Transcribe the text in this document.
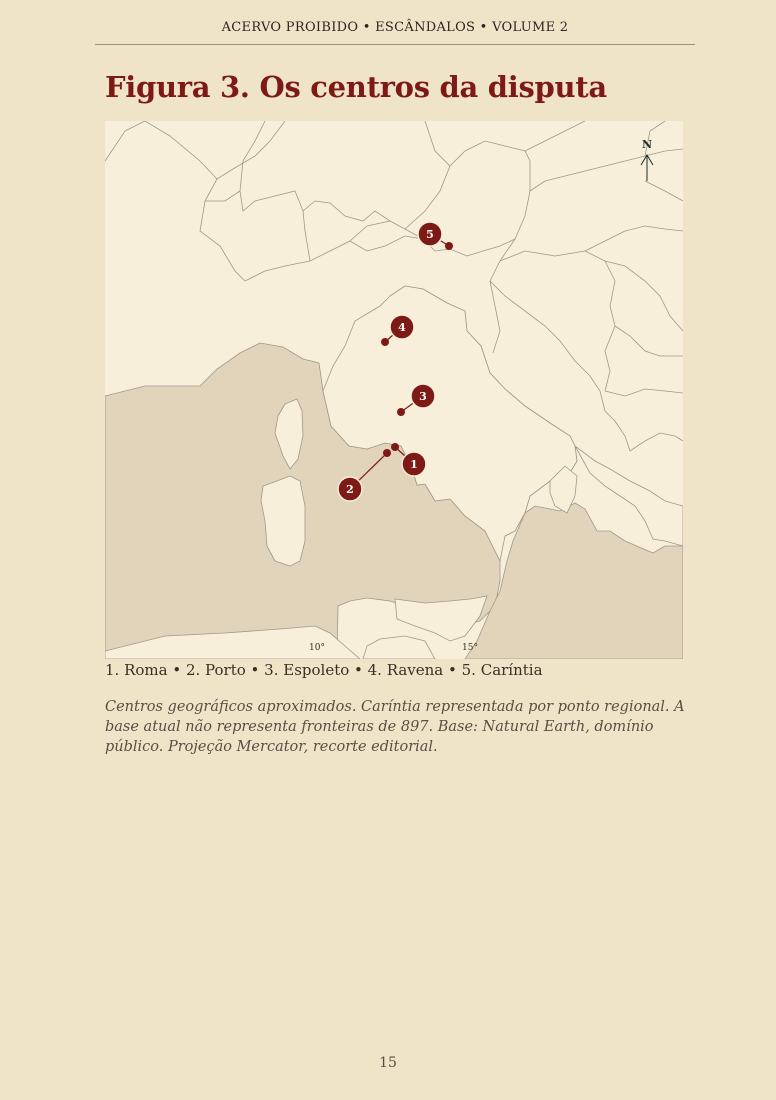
ACERVO PROIBIDO • ESCÂNDALOS • VOLUME 2
Figura 3. Os centros da disputa
N
10°	15°
5
4
3
1
2
1. Roma • 2. Porto • 3. Espoleto • 4. Ravena • 5. Caríntia
Centros geográficos aproximados. Caríntia representada por ponto regional. A base atual não representa fronteiras de 897. Base: Natural Earth, domínio público. Projeção Mercator, recorte editorial.
15
